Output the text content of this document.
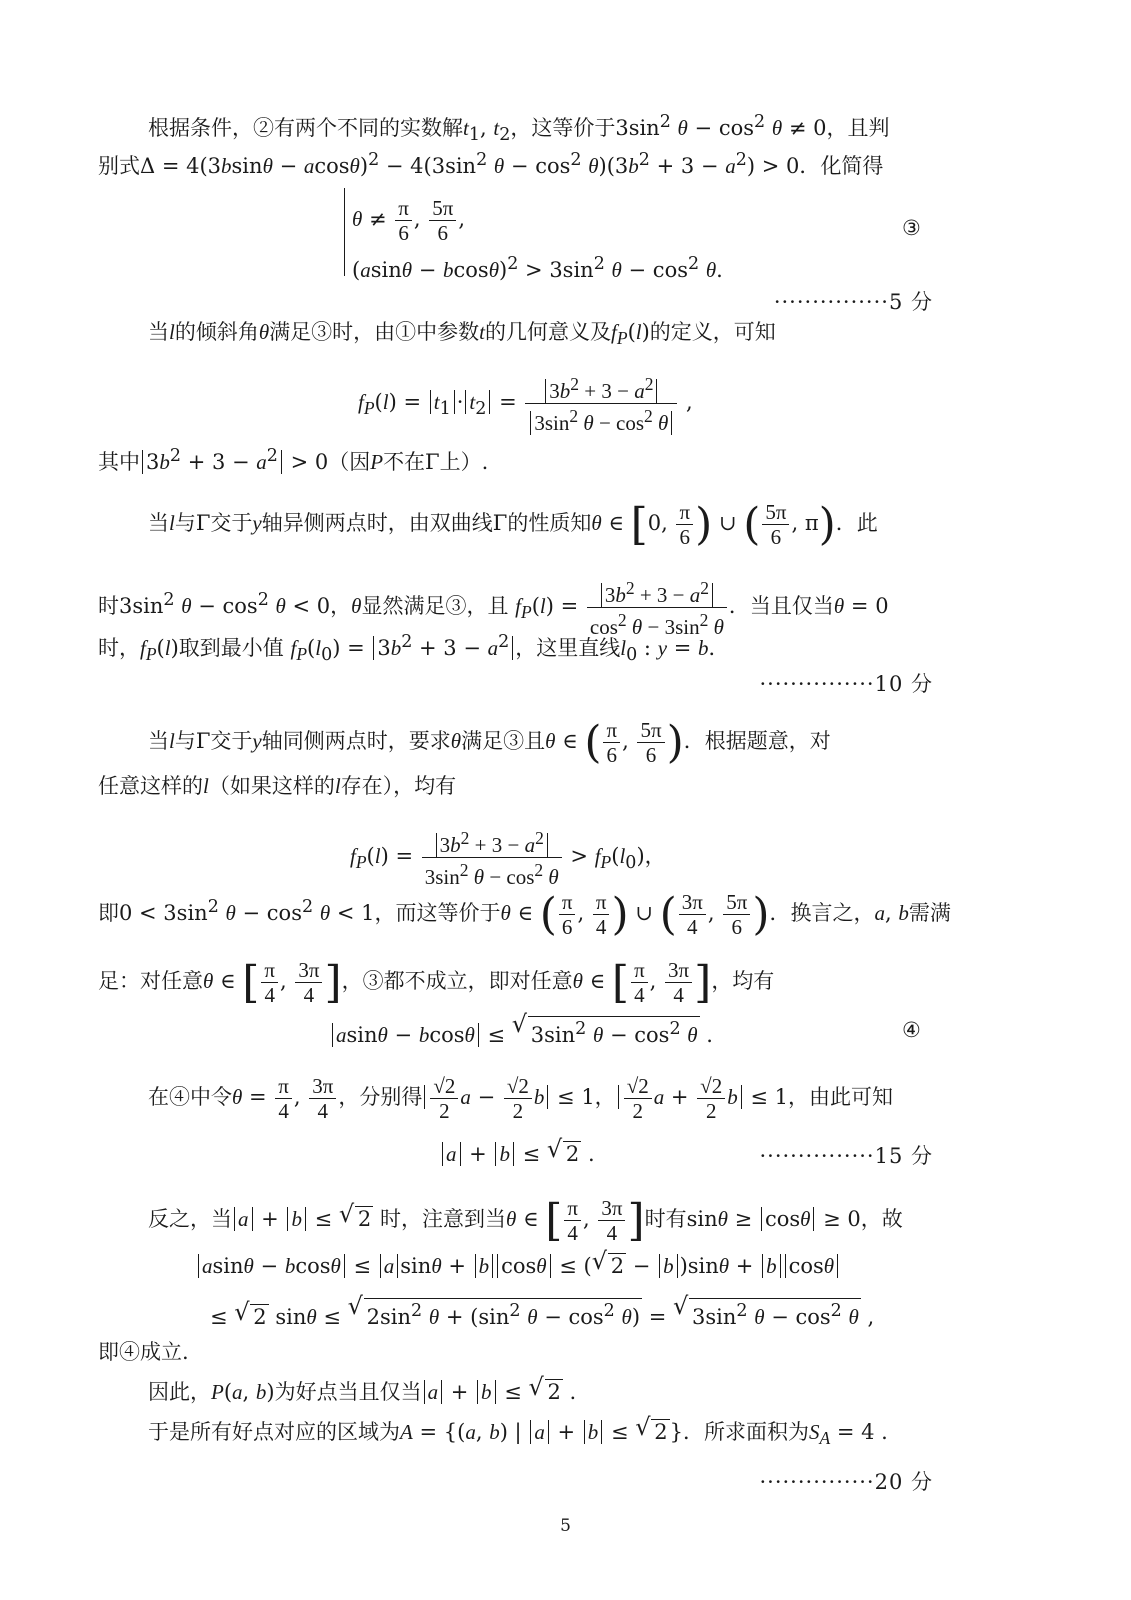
根据条件，②有两个不同的实数解$t_1$, $t_2$，这等价于$3\sin^2$ $\theta - \cos^2 \theta \ne 0$，且判
别式$\Delta = 4(3bsin\theta - acos\theta)^2 - 4(3\sin^2$ $\theta - \cos^2 \theta)(3b^2 + 3 - a^2) > 0$．化简得
$\theta \ne \frac{\pi}{6}$ , $\frac{5\pi}{6}$ ,
$(asin\theta - bcos\theta)^2 > 3\sin^2$ $\theta - \cos^2 \theta$.
③
···············5 分
当l的倾斜角θ满足③时，由①中参数t的几何意义及$f_P(l)$的定义，可知
$f_P(l) = t_1 \cdot t_2 = \frac{3b^2 + 3 - a^2}{3\sin^2 \theta - \cos^2 \theta}$ ,
其中 $3b^2 + 3 - a^2 > 0$（因P不在Γ上）.
当l与Γ交于y轴异侧两点时，由双曲线Γ的性质知θ ∈ [0, $\frac{\pi}{6}$ ) ∪ ( $\frac{5\pi}{6}$ , π)．此
时$3\sin^2$ $\theta - \cos^2 \theta < 0$，θ显然满足③，且 $f_P(l) = \frac{3b^2 + 3 - a^2}{\cos^2 \theta - 3\sin^2 \theta}$ ．当且仅当θ = 0
时，$f_P(l)$取到最小值 $f_P(l_0) = 3b^2 + 3 - a^2$ ，这里直线$l_0$ : y = b．
···············10 分
当l与Γ交于y轴同侧两点时，要求θ满足③且θ ∈ ( $\frac{\pi}{6}$ , $\frac{5\pi}{6}$ )．根据题意，对
任意这样的l（如果这样的l存在），均有
$f_P(l) = \frac{3b^2 + 3 - a^2}{3\sin^2 \theta - \cos^2 \theta} > f_P(l_0)$，
即$0 < 3\sin^2$ $\theta - \cos^2 \theta < 1$，而这等价于θ ∈ ( $\frac{\pi}{6}$ , $\frac{\pi}{4}$ ) ∪ ( $\frac{3\pi}{4}$ , $\frac{5\pi}{6}$ )．换言之，a, b需满
足：对任意θ ∈ [ $\frac{\pi}{4}$ , $\frac{3\pi}{4}$ ]，③都不成立，即对任意θ ∈ [ $\frac{\pi}{4}$ , $\frac{3\pi}{4}$ ]，均有
asinθ − bcosθ ≤ √ $3\sin^2$ $\theta - \cos^2 \theta$ .	④
在④中令$\theta = \frac{\pi}{4}$ , $\frac{3\pi}{4}$ ，分别得 $\frac{√2}{2}$ $a - \frac{√2}{2}$ b ≤ 1， $\frac{√2}{2}$ $a + \frac{√2}{2}$ b ≤ 1，由此可知
a + b ≤ √ 2 .	···············15 分
反之，当 a + b ≤ √ 2 时，注意到当θ ∈ [ $\frac{\pi}{4}$ , $\frac{3\pi}{4}$ ]时有sinθ ≥ cosθ ≥ 0，故
asinθ − bcosθ ≤ a sinθ + b cosθ ≤ (√ 2 − b )sinθ + b cosθ
≤ √ 2 sinθ ≤ √ $2\sin^2$ $\theta + (\sin^2$ $\theta - \cos^2 \theta$) = √ $3\sin^2$ $\theta - \cos^2 \theta$ ,
即④成立.
因此，P(a, b)为好点当且仅当 a + b ≤ √ 2 .
于是所有好点对应的区域为A = {(a, b) | a + b ≤ √ 2}．所求面积为$S_A = 4$ .
···············20 分
5
